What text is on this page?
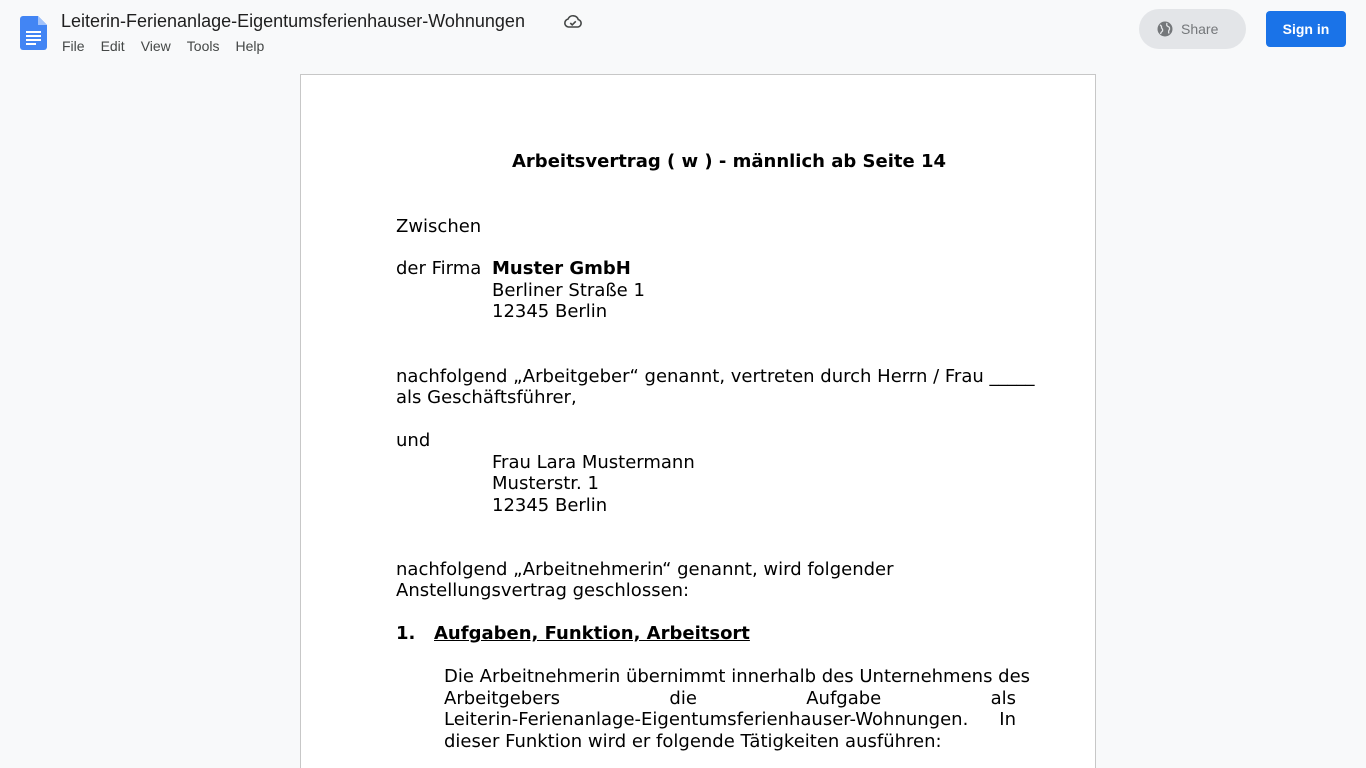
Leiterin-Ferienanlage-Eigentumsferienhauser-Wohnungen
File	Edit	View	Tools	Help
Share	Sign in
Arbeitsvertrag ( w ) - männlich ab Seite 14
Zwischen
der Firma Muster GmbH
Berliner Straße 1
12345 Berlin
nachfolgend „Arbeitgeber“ genannt, vertreten durch Herrn / Frau _____
als Geschäftsführer,
und
Frau Lara Mustermann
Musterstr. 1
12345 Berlin
nachfolgend „Arbeitnehmerin“ genannt, wird folgender
Anstellungsvertrag geschlossen:
1. Aufgaben, Funktion, Arbeitsort
Die Arbeitnehmerin übernimmt innerhalb des Unternehmens des
Arbeitgebers	die	Aufgabe	als
Leiterin-Ferienanlage-Eigentumsferienhauser-Wohnungen. In
dieser Funktion wird er folgende Tätigkeiten ausführen:
